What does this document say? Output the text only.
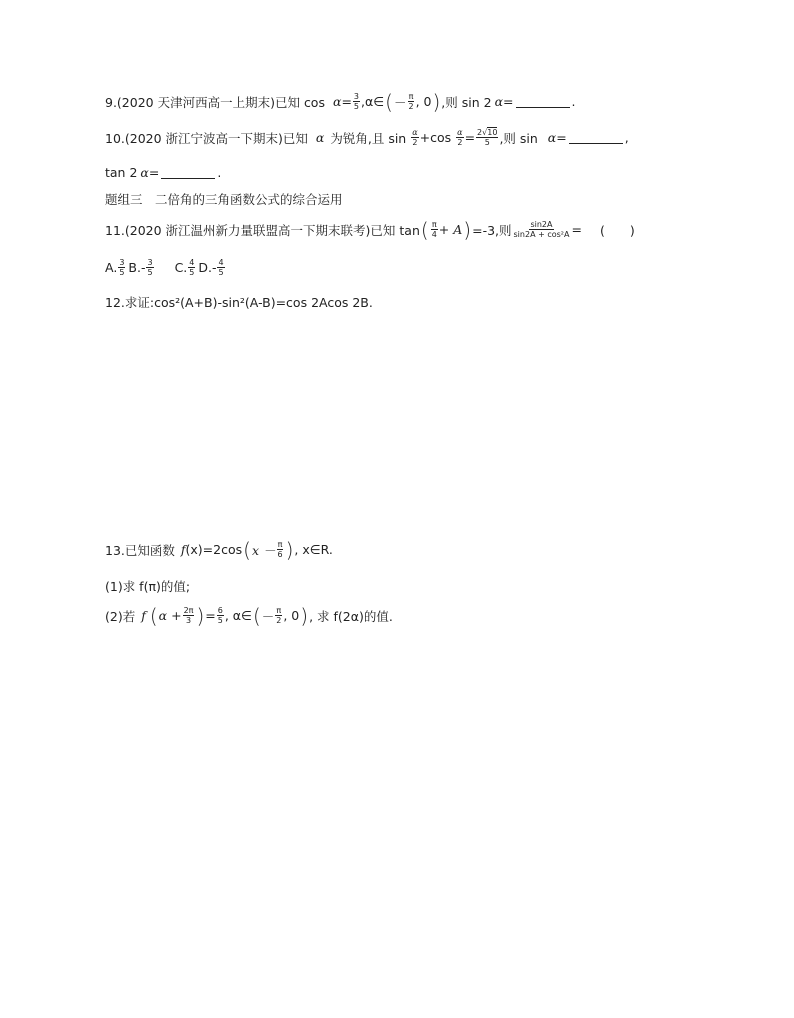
9.(2020 天津河西高一上期末)已知 $\cos \alpha = \frac{3}{5}$ , α∈ ( － $\frac{\pi}{2}$ , 0 ) ,则 sin 2 α =	.
10.(2020 浙江宁波高一下期末)已知 α 为锐角,且 $\sin \frac{\alpha}{2} +\cos \frac{\alpha}{2} = \frac{2√10}{5}$ ,则 sin α =	,
tan 2 α =	.
题组三　二倍角的三角函数公式的综合运用
11.(2020 浙江温州新力量联盟高一下期末联考)已知 tan ( $\frac{\pi}{4} + A$ ) =-3,则 $\frac{\sin 2A}{\text{sin2A + cos²A}}$ = (　　)
A. $\frac{3}{5} B.- \frac{3}{5} C$. $\frac{4}{5} D.- \frac{4}{5}$
12.求证:cos²(A+B)-sin²(A-B)=cos 2Acos 2B.
13.已知函数 f (x)=2cos ( $x - \frac{\pi}{6}$ ) , x∈R.
(1)求 f(π)的值;
(2)若 f ( $\alpha + \frac{2\pi}{3}$ ) = $\frac{6}{5}$ , α∈ ( － $\frac{\pi}{2}$ , 0 ) , 求 f(2α)的值.
